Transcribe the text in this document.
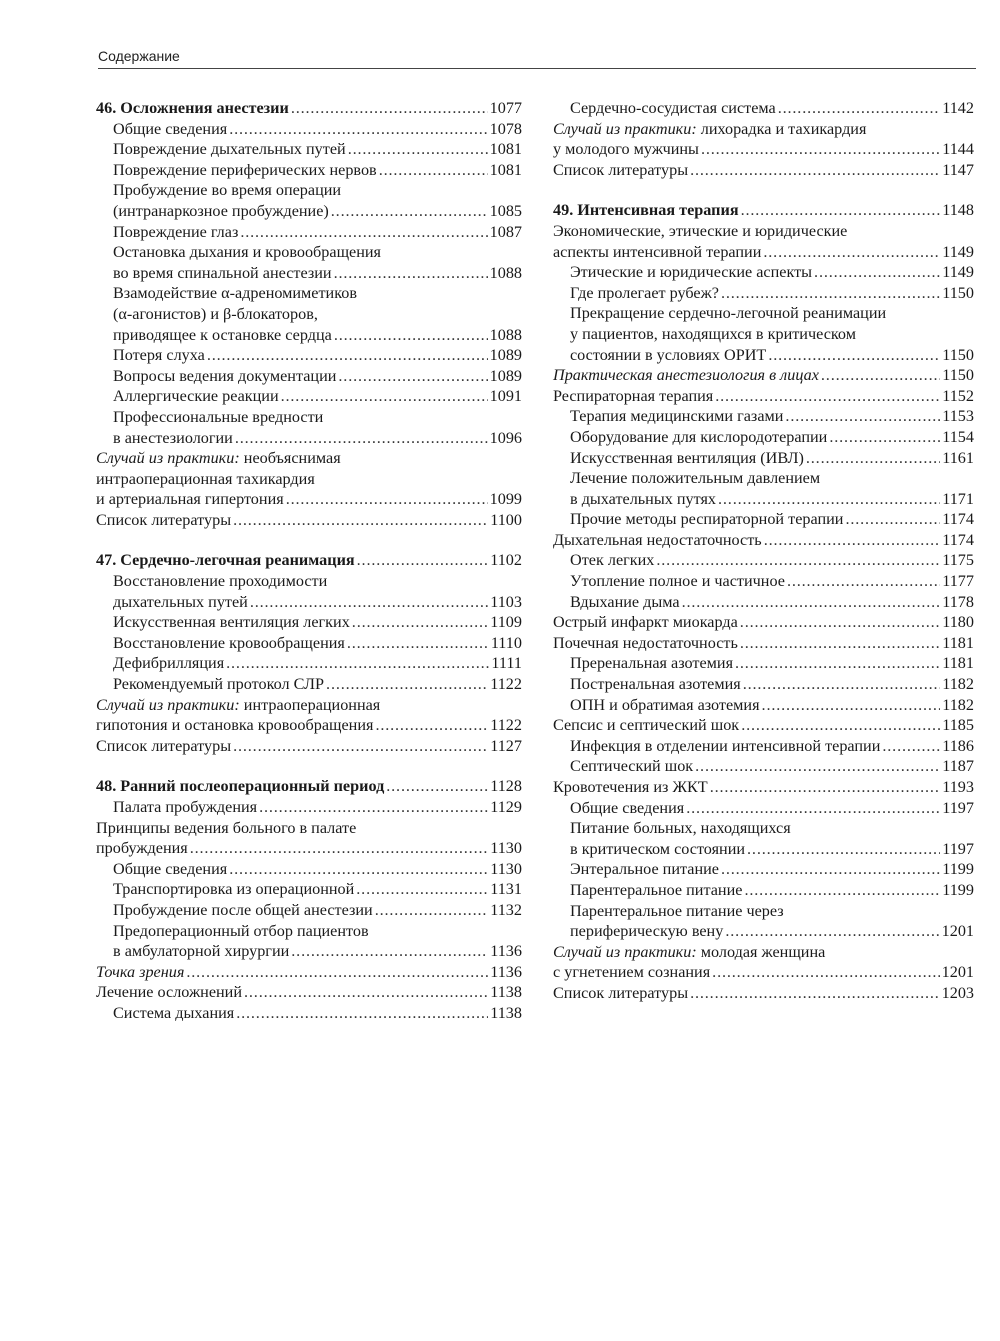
Содержание
46. Осложнения анестезии . . .	1077
Общие сведения . . .	1078
Повреждение дыхательных путей . . .	1081
Повреждение периферических нервов . . .	1081
Пробуждение во время операции
(интранаркозное пробуждение) . . .	1085
Повреждение глаз . . .	1087
Остановка дыхания и кровообращения
во время спинальной анестезии . . .	1088
Взамодействие α-адреномиметиков
(α-агонистов) и β-блокаторов,
приводящее к остановке сердца . . .	1088
Потеря слуха . . .	1089
Вопросы ведения документации . . .	1089
Аллергические реакции . . .	1091
Профессиональные вредности
в анестезиологии . . .	1096
Случай из практики: необъяснимая
интраоперационная тахикардия
и артериальная гипертония . . .	1099
Список литературы . . .	1100
47. Сердечно-легочная реанимация . . .	1102
Восстановление проходимости
дыхательных путей . . .	1103
Искусственная вентиляция легких . . .	1109
Восстановление кровообращения . . .	1110
Дефибрилляция . . .	1111
Рекомендуемый протокол СЛР . . .	1122
Случай из практики: интраоперационная
гипотония и остановка кровообращения . . .	1122
Список литературы . . .	1127
48. Ранний послеоперационный период . . .	1128
Палата пробуждения . . .	1129
Принципы ведения больного в палате
пробуждения . . .	1130
Общие сведения . . .	1130
Транспортировка из операционной . . .	1131
Пробуждение после общей анестезии . . .	1132
Предоперационный отбор пациентов
в амбулаторной хирургии . . .	1136
Точка зрения . . .	1136
Лечение осложнений . . .	1138
Система дыхания . . .	1138
Сердечно-сосудистая система . . .	1142
Случай из практики: лихорадка и тахикардия
у молодого мужчины . . .	1144
Список литературы . . .	1147
49. Интенсивная терапия . . .	1148
Экономические, этические и юридические
аспекты интенсивной терапии . . .	1149
Этические и юридические аспекты . . .	1149
Где пролегает рубеж? . . .	1150
Прекращение сердечно-легочной реанимации
у пациентов, находящихся в критическом
состоянии в условиях ОРИТ . . .	1150
Практическая анестезиология в лицах . . .	1150
Респираторная терапия . . .	1152
Терапия медицинскими газами . . .	1153
Оборудование для кислородотерапии . . .	1154
Искусственная вентиляция (ИВЛ) . . .	1161
Лечение положительным давлением
в дыхательных путях . . .	1171
Прочие методы респираторной терапии . . .	1174
Дыхательная недостаточность . . .	1174
Отек легких . . .	1175
Утопление полное и частичное . . .	1177
Вдыхание дыма . . .	1178
Острый инфаркт миокарда . . .	1180
Почечная недостаточность . . .	1181
Преренальная азотемия . . .	1181
Постренальная азотемия . . .	1182
ОПН и обратимая азотемия . . .	1182
Сепсис и септический шок . . .	1185
Инфекция в отделении интенсивной терапии . . .	1186
Септический шок . . .	1187
Кровотечения из ЖКТ . . .	1193
Общие сведения . . .	1197
Питание больных, находящихся
в критическом состоянии . . .	1197
Энтеральное питание . . .	1199
Парентеральное питание . . .	1199
Парентеральное питание через
периферическую вену . . .	1201
Случай из практики: молодая женщина
с угнетением сознания . . .	1201
Список литературы . . .	1203
